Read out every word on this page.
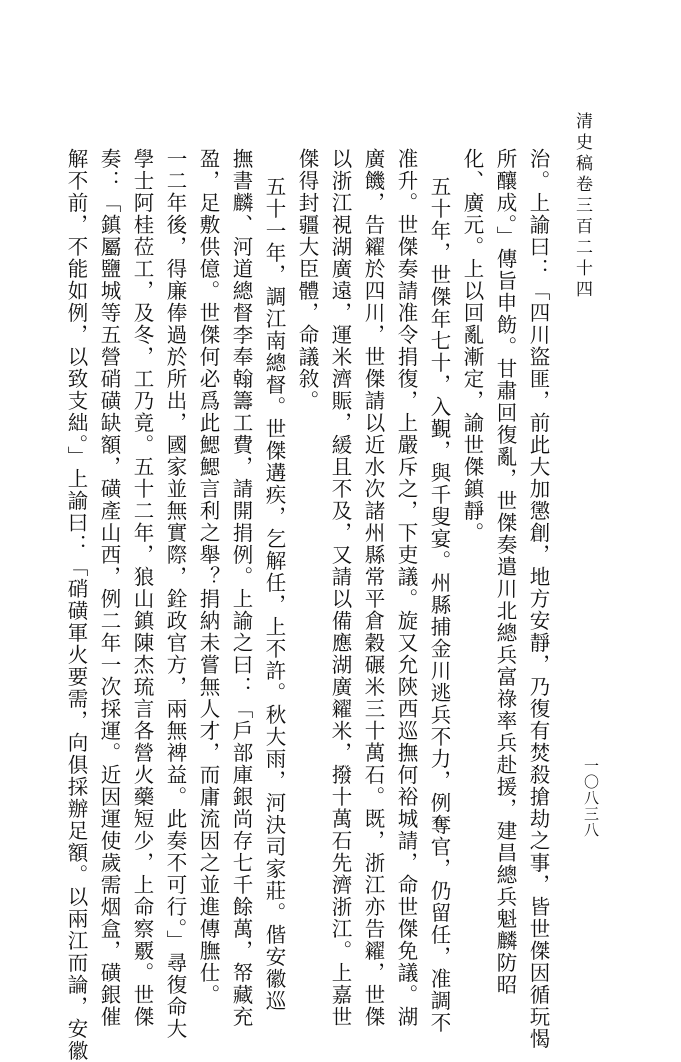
清史稿卷三百二十四
一〇八三八

治。上諭曰：「四川盜匪，前此大加懲創，地方安靜，乃復有焚殺搶劫之事，皆世傑因循玩愒

所釀成。」傳旨申飭。甘肅回復亂，世傑奏遣川北總兵富祿率兵赴援，建昌總兵魁麟防昭

化、廣元。上以回亂漸定，諭世傑鎮靜。

五十年，世傑年七十，入覲，與千叟宴。州縣捕金川逃兵不力，例奪官，仍留任，准調不

准升。世傑奏請准令捐復，上嚴斥之，下吏議。旋又允陝西巡撫何裕城請，命世傑免議。湖

廣饑，告糴於四川，世傑請以近水次諸州縣常平倉穀碾米三十萬石。既，浙江亦告糴，世傑

以浙江視湖廣遠，運米濟賑，緩且不及，又請以備應湖廣糴米，撥十萬石先濟浙江。上嘉世

傑得封疆大臣體，命議敘。

五十一年，調江南總督。世傑遘疾，乞解任，上不許。秋大雨，河決司家莊。偕安徽巡

撫書麟、河道總督李奉翰籌工費，請開捐例。上諭之曰：「戶部庫銀尚存七千餘萬，帑藏充

盈，足敷供億。世傑何必爲此鰓鰓言利之舉？捐納未嘗無人才，而庸流因之並進傳膴仕。

一二年後，得廉俸過於所出，國家並無實際，銓政官方，兩無裨益。此奏不可行。」尋復命大

學士阿桂莅工，及冬，工乃竟。五十二年，狼山鎮陳杰琉言各營火藥短少，上命察覈。世傑

奏：「鎮屬鹽城等五營硝磺缺額，磺產山西，例二年一次採運。近因運使歲需烟盒，磺銀催

解不前，不能如例，以致支絀。」上諭曰：「硝磺軍火要需，向俱採辦足額。以兩江而論，安徽
